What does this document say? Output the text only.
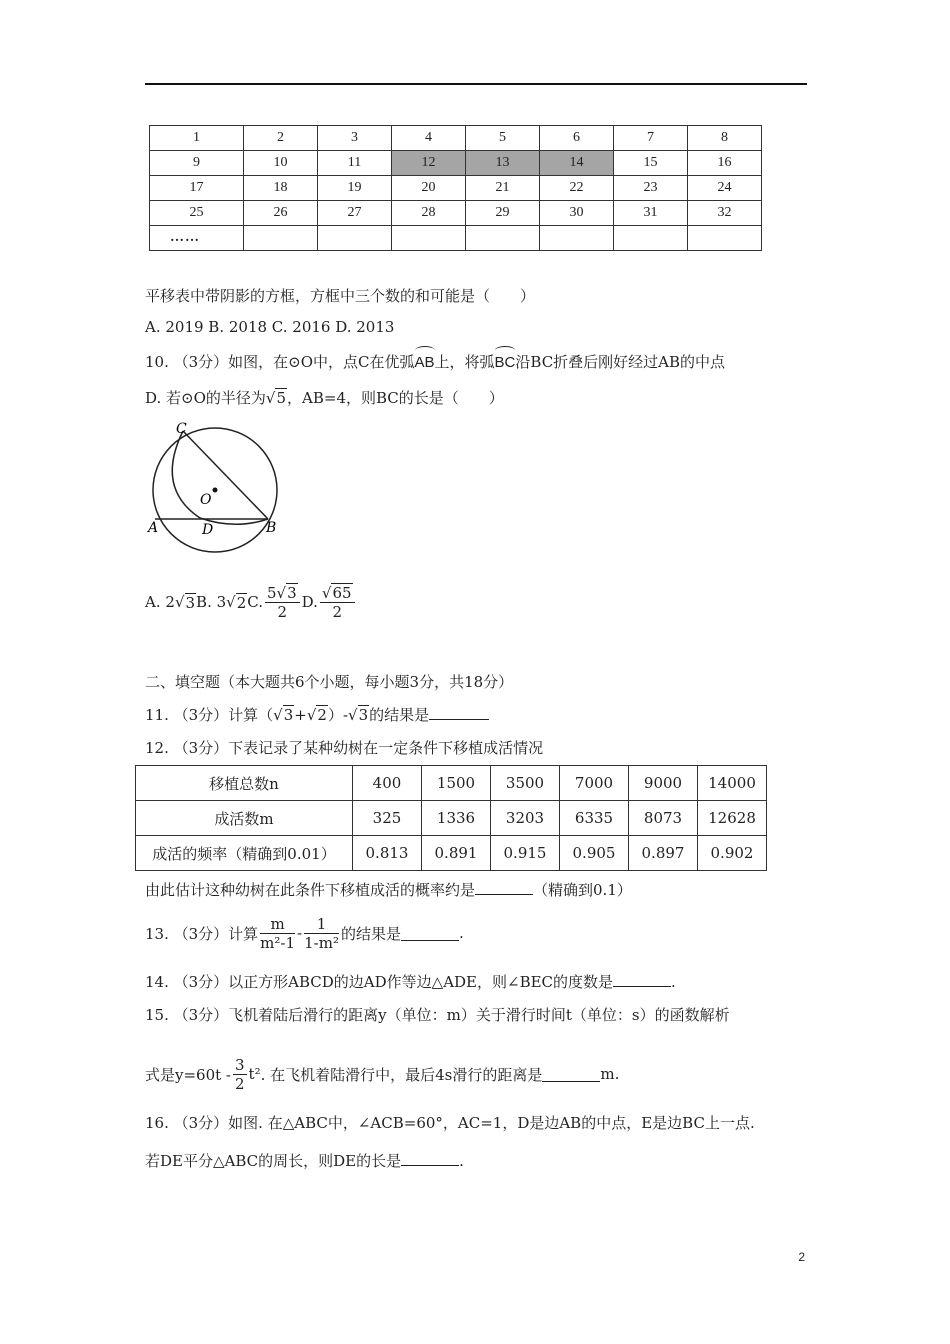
1	2	3	4	5	6	7	8
9	10	11	12	13	14	15	16
17	18	19	20	21	22	23	24
25	26	27	28	29	30	31	32
……							
平移表中带阴影的方框，方框中三个数的和可能是（　　）
A. 2019 B. 2018 C. 2016 D. 2013
10. （3分）如图，在⊙O中，点C在优弧
AB上，将弧
BC沿BC折叠后刚好经过AB的中点
D. 若⊙O的半径为√5，AB=4，则BC的长是（　　）
C
O
A	D	B
A.
2 √ 3 B.
3 √ 2 C. $\frac{5√3}{2} D$. $\frac{√65}{2}$
二、填空题（本大题共6个小题，每小题3分，共18分）
11. （3分）计算（√3+√2）-√3的结果是
12. （3分）下表记录了某种幼树在一定条件下移植成活情况
移植总数n	400	1500	3500	7000	9000	14000
成活数m	325	1336	3203	6335	8073	12628
成活的频率（精确到0.01）	0.813	0.891	0.915	0.905	0.897	0.902
由此估计这种幼树在此条件下移植成活的概率约是	（精确到0.1）
13. （3分）计算 $\frac{m}{\text{m²-1}} - \frac{1}{\text{1-m²}}$ 的结果是	.
14. （3分）以正方形ABCD的边AD作等边△ADE，则∠BEC的度数是	.
15. （3分）飞机着陆后滑行的距离y（单位：m）关于滑行时间t（单位：s）的函数解析
式是$y=60t - \frac{3}{2} t^2$ . 在飞机着陆滑行中，最后4s滑行的距离是	m.
16. （3分）如图. 在△ABC中，∠ACB=60°，AC=1，D是边AB的中点，E是边BC上一点.
若DE平分△ABC的周长，则DE的长是	.
2
